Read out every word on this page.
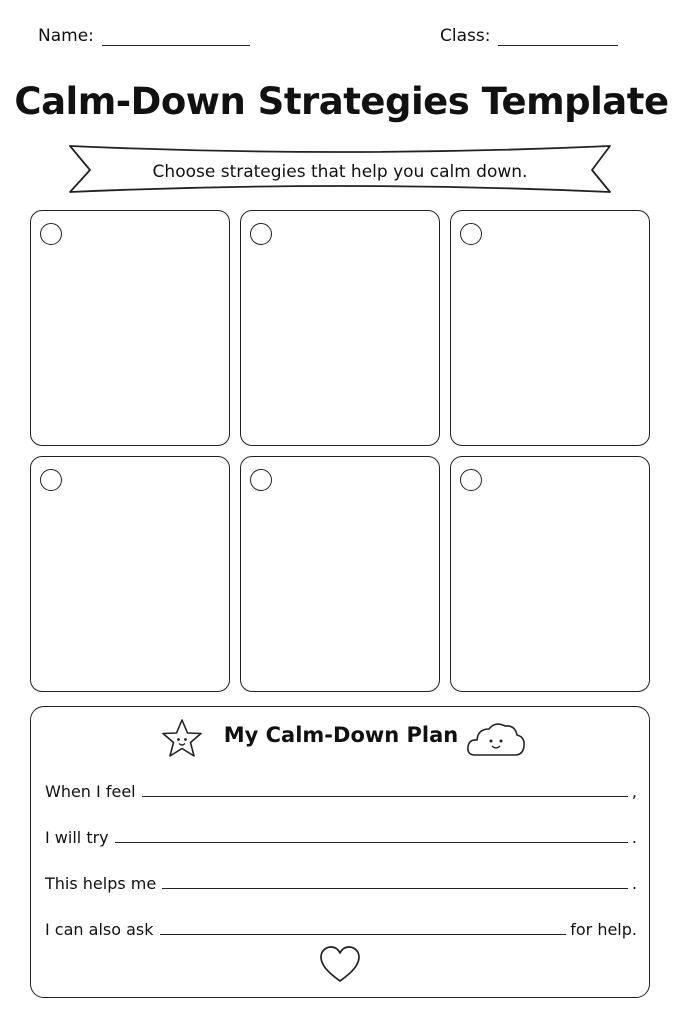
Name:	Class:
Calm-Down Strategies Template
Choose strategies that help you calm down.
My Calm-Down Plan
When I feel	,
I will try	.
This helps me	.
I can also ask	for help.
